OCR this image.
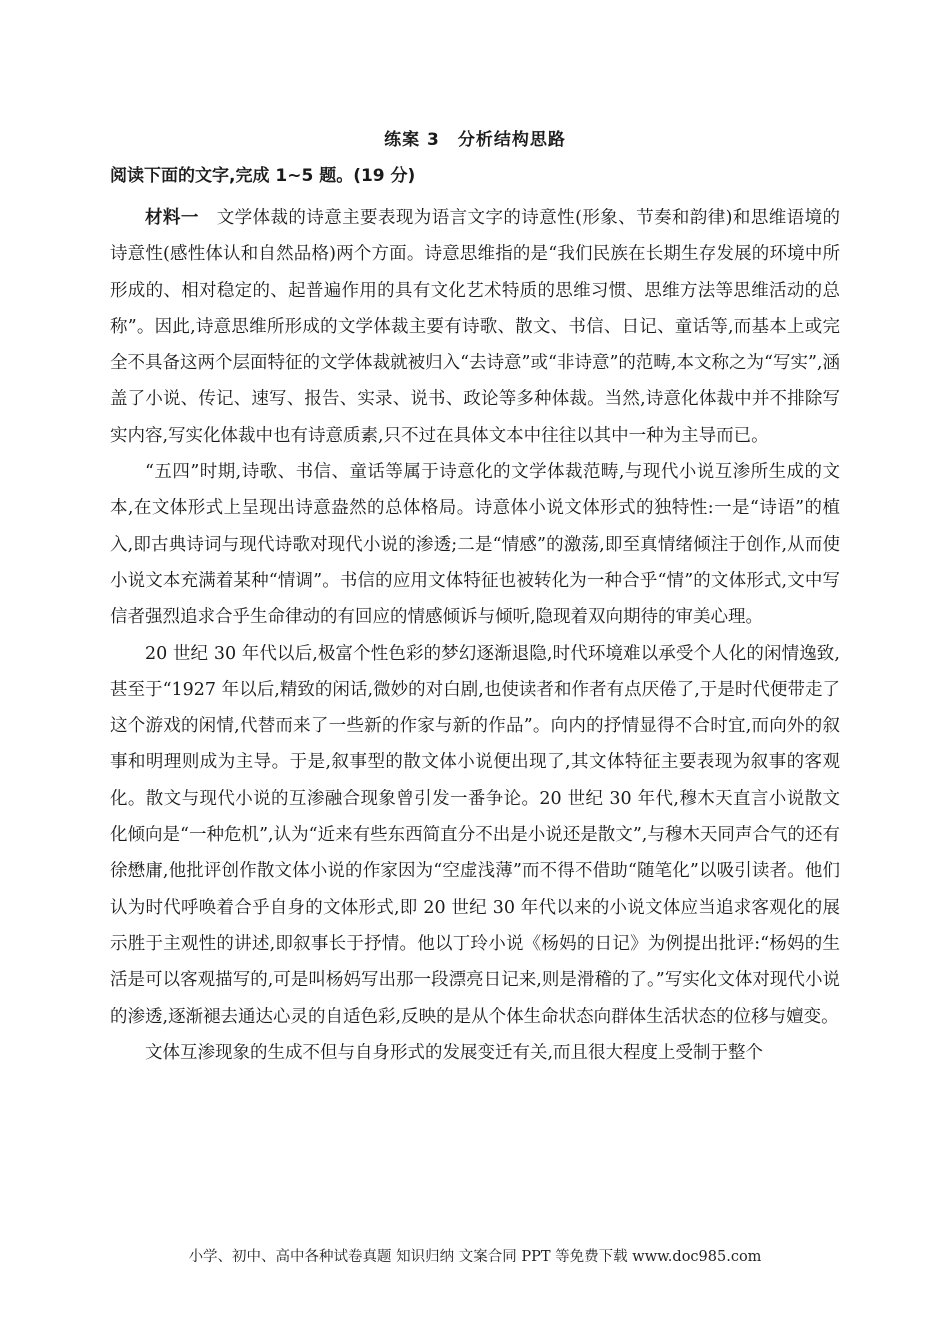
练案 3　分析结构思路
阅读下面的文字,完成 1~5 题。(19 分)

材料一　 文学体裁的诗意主要表现为语言文字的诗意性(形象、节奏和韵律)和思维语境的诗意性(感性体认和自然品格)两个方面。诗意思维指的是“我们民族在长期生存发展的环境中所形成的、相对稳定的、起普遍作用的具有文化艺术特质的思维习惯、思维方法等思维活动的总称”。因此,诗意思维所形成的文学体裁主要有诗歌、散文、书信、日记、童话等,而基本上或完全不具备这两个层面特征的文学体裁就被归入“去诗意”或“非诗意”的范畴,本文称之为“写实”,涵盖了小说、传记、速写、报告、实录、说书、政论等多种体裁。当然,诗意化体裁中并不排除写实内容,写实化体裁中也有诗意质素,只不过在具体文本中往往以其中一种为主导而已。

“五四”时期,诗歌、书信、童话等属于诗意化的文学体裁范畴,与现代小说互渗所生成的文本,在文体形式上呈现出诗意盎然的总体格局。诗意体小说文体形式的独特性:一是“诗语”的植入,即古典诗词与现代诗歌对现代小说的渗透;二是“情感”的激荡,即至真情绪倾注于创作,从而使小说文本充满着某种“情调”。书信的应用文体特征也被转化为一种合乎“情”的文体形式,文中写信者强烈追求合乎生命律动的有回应的情感倾诉与倾听,隐现着双向期待的审美心理。

20 世纪 30 年代以后,极富个性色彩的梦幻逐渐退隐,时代环境难以承受个人化的闲情逸致,甚至于“1927 年以后,精致的闲话,微妙的对白剧,也使读者和作者有点厌倦了,于是时代便带走了这个游戏的闲情,代替而来了一些新的作家与新的作品”。向内的抒情显得不合时宜,而向外的叙事和明理则成为主导。于是,叙事型的散文体小说便出现了,其文体特征主要表现为叙事的客观化。散文与现代小说的互渗融合现象曾引发一番争论。20 世纪 30 年代,穆木天直言小说散文化倾向是“一种危机”,认为“近来有些东西简直分不出是小说还是散文”,与穆木天同声合气的还有徐懋庸,他批评创作散文体小说的作家因为“空虚浅薄”而不得不借助“随笔化”以吸引读者。他们认为时代呼唤着合乎自身的文体形式,即 20 世纪 30 年代以来的小说文体应当追求客观化的展示胜于主观性的讲述,即叙事长于抒情。他以丁玲小说《杨妈的日记》为例提出批评:“杨妈的生活是可以客观描写的,可是叫杨妈写出那一段漂亮日记来,则是滑稽的了。”写实化文体对现代小说的渗透,逐渐褪去通达心灵的自适色彩,反映的是从个体生命状态向群体生活状态的位移与嬗变。

文体互渗现象的生成不但与自身形式的发展变迁有关,而且很大程度上受制于整个

小学、初中、高中各种试卷真题 知识归纳 文案合同 PPT 等免费下载 www.doc985.com
